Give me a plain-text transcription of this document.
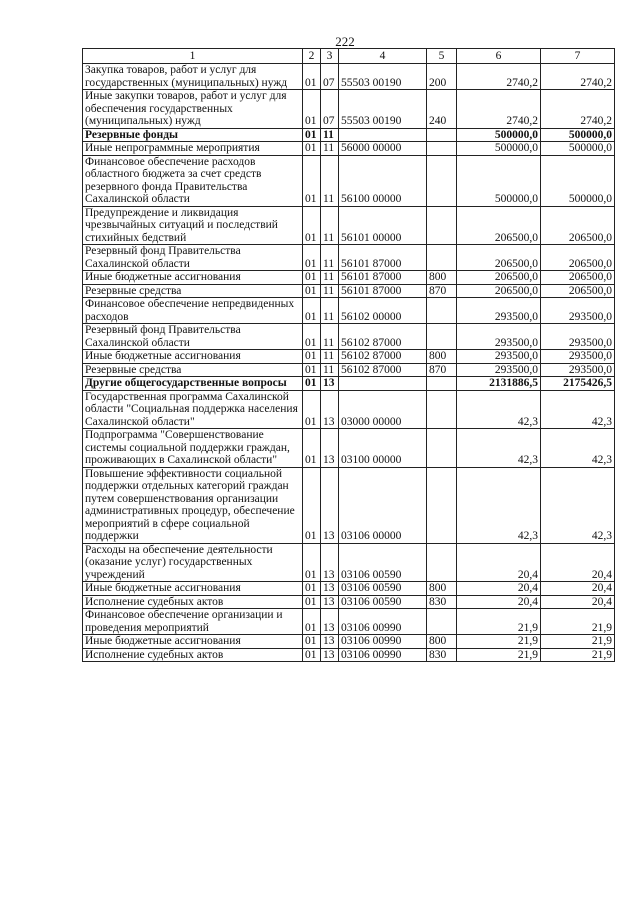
222
1	2	3	4	5	6	7
Закупка товаров, работ и услуг для государственных (муниципальных) нужд	01	07	55503 00190	200	2740,2	2740,2
Иные закупки товаров, работ и услуг для обеспечения государственных (муниципальных) нужд	01	07	55503 00190	240	2740,2	2740,2
Резервные фонды	01	11			500000,0	500000,0
Иные непрограммные мероприятия	01	11	56000 00000		500000,0	500000,0
Финансовое обеспечение расходов областного бюджета за счет средств резервного фонда Правительства Сахалинской области	01	11	56100 00000		500000,0	500000,0
Предупреждение и ликвидация чрезвычайных ситуаций и последствий стихийных бедствий	01	11	56101 00000		206500,0	206500,0
Резервный фонд Правительства Сахалинской области	01	11	56101 87000		206500,0	206500,0
Иные бюджетные ассигнования	01	11	56101 87000	800	206500,0	206500,0
Резервные средства	01	11	56101 87000	870	206500,0	206500,0
Финансовое обеспечение непредвиденных расходов	01	11	56102 00000		293500,0	293500,0
Резервный фонд Правительства Сахалинской области	01	11	56102 87000		293500,0	293500,0
Иные бюджетные ассигнования	01	11	56102 87000	800	293500,0	293500,0
Резервные средства	01	11	56102 87000	870	293500,0	293500,0
Другие общегосударственные вопросы	01	13			2131886,5	2175426,5
Государственная программа Сахалинской области "Социальная поддержка населения Сахалинской области"	01	13	03000 00000		42,3	42,3
Подпрограмма "Совершенствование системы социальной поддержки граждан, проживающих в Сахалинской области"	01	13	03100 00000		42,3	42,3
Повышение эффективности социальной поддержки отдельных категорий граждан путем совершенствования организации административных процедур, обеспечение мероприятий в сфере социальной поддержки	01	13	03106 00000		42,3	42,3
Расходы на обеспечение деятельности (оказание услуг) государственных учреждений	01	13	03106 00590		20,4	20,4
Иные бюджетные ассигнования	01	13	03106 00590	800	20,4	20,4
Исполнение судебных актов	01	13	03106 00590	830	20,4	20,4
Финансовое обеспечение организации и проведения мероприятий	01	13	03106 00990		21,9	21,9
Иные бюджетные ассигнования	01	13	03106 00990	800	21,9	21,9
Исполнение судебных актов	01	13	03106 00990	830	21,9	21,9
